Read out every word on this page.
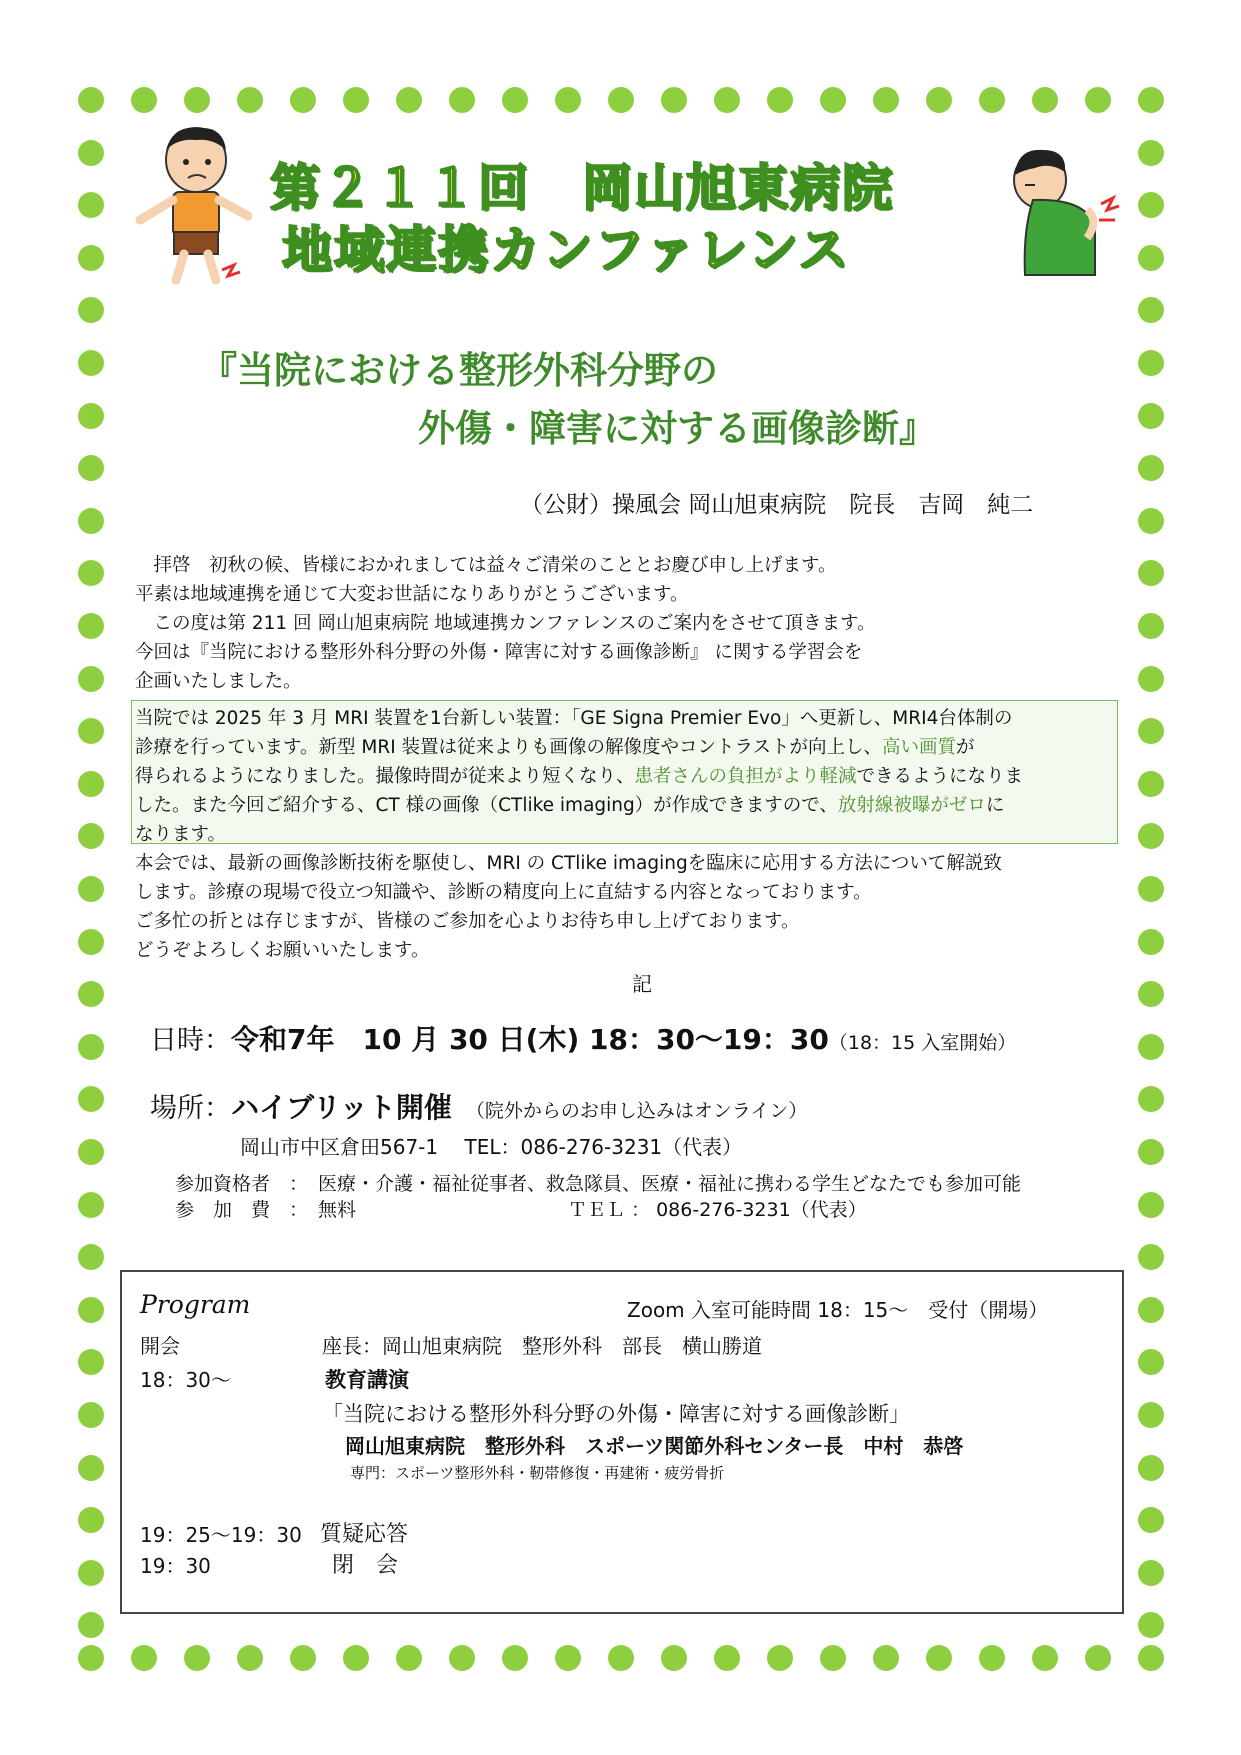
第２１１回　岡山旭東病院
地域連携カンファレンス
『当院における整形外科分野の
外傷・障害に対する画像診断』
（公財）操風会 岡山旭東病院　院長　吉岡　純二
　拝啓　初秋の候、皆様におかれましては益々ご清栄のこととお慶び申し上げます。
平素は地域連携を通じて大変お世話になりありがとうございます。
　この度は第 211 回 岡山旭東病院 地域連携カンファレンスのご案内をさせて頂きます。
今回は『当院における整形外科分野の外傷・障害に対する画像診断』 に関する学習会を
企画いたしました。
当院では 2025 年 3 月 MRI 装置を1台新しい装置：「GE Signa Premier Evo」へ更新し、MRI4台体制の
診療を行っています。新型 MRI 装置は従来よりも画像の解像度やコントラストが向上し、高い画質が
得られるようになりました。撮像時間が従来より短くなり、患者さんの負担がより軽減できるようになりま
した。また今回ご紹介する、CT 様の画像（CTlike imaging）が作成できますので、放射線被曝がゼロに
なります。
本会では、最新の画像診断技術を駆使し、MRI の CTlike imagingを臨床に応用する方法について解説致
します。診療の現場で役立つ知識や、診断の精度向上に直結する内容となっております。
ご多忙の折とは存じますが、皆様のご参加を心よりお待ち申し上げております。
どうぞよろしくお願いいたします。
記
日時：令和7年　10 月 30 日(木) 18：30～19：30（18：15 入室開始）
場所：ハイブリット開催 （院外からのお申し込みはオンライン）
岡山市中区倉田567-1　 TEL：086-276-3231（代表）
参加資格者　： 医療・介護・福祉従事者、救急隊員、医療・福祉に携わる学生どなたでも参加可能
参　加　費　： 無料	ＴＥＬ ： 086-276-3231（代表）
Program	Zoom 入室可能時間 18：15～　受付（開場）
開会	座長：岡山旭東病院　整形外科　部長　横山勝道
18：30～	教育講演
「当院における整形外科分野の外傷・障害に対する画像診断」
岡山旭東病院　整形外科　スポーツ関節外科センター長　中村　恭啓
専門：スポーツ整形外科・靭帯修復・再建術・疲労骨折
19：25～19：30 質疑応答
19：30	閉　会
